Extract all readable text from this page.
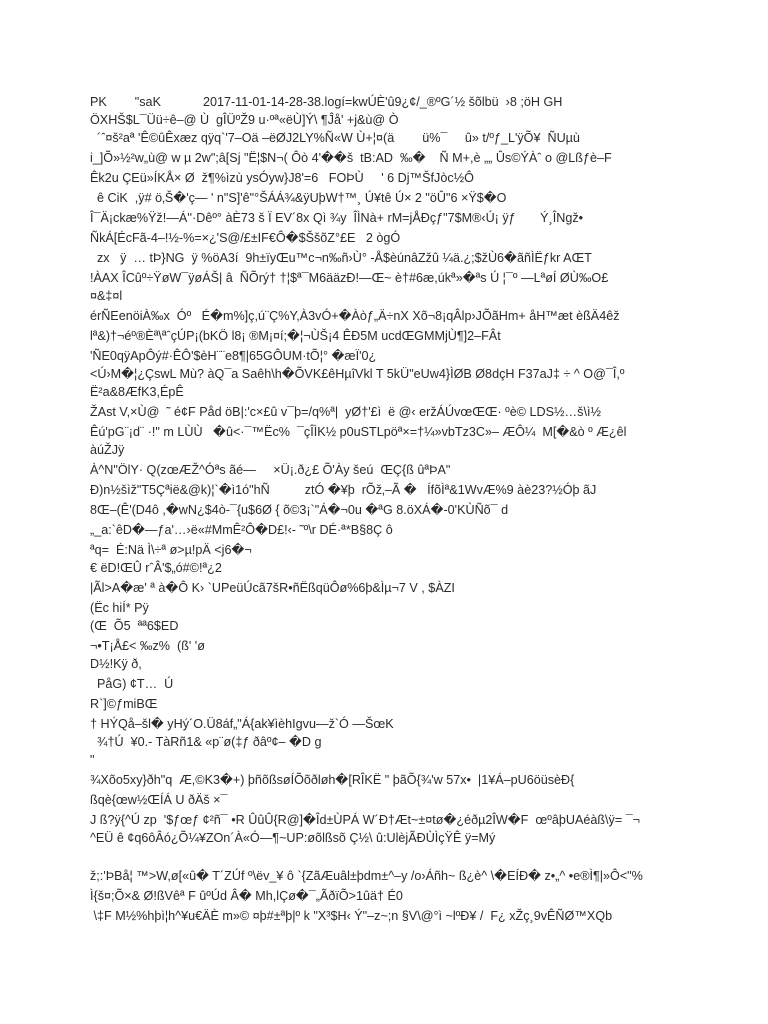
PK        "saK            2017-11-01-14-28-38.logí=kwÚÈ'û9¿¢/_®ºG´½ šõlbü  ›8 ;öH GH
ÖXHŠ$L¯Üü÷ê–@ Ù  gÎÜºŽ9 u·ºª«ëÙ]Ý\ ¶Ĵå' +j&ù@ Ò
´ˆ¤š²aª 'Ê©ûÊxæz qÿq`'7–Oä –ëØJ2LY%Ñ«W Ù+¦¤(ä        ü%¯     û» t/ºƒ_L'ÿÕ¥  ÑUµù
i_]Õ»½²w„ù@ w µ 2w";â[Sj "Ë¦$N¬( Ôò 4'��š  tB:AD  ‰�    Ñ M+,è „„ Ûs©ÝÀˆ o @Lßƒè–F
Êk2u ÇEü»ÍKÅ× Ø  ž¶%ìzù ysÓyw}J8'=6   FOÞÙ     ' 6 Dj™ŠfJòc½Ô
ê CiK  ,ÿ# ö‚Š�'ç— ' n"S]'ê"°ŠÁÁ¾&ÿUþW†™¸ Ú¥tê Ú× 2 "öÛ"6 ×Ÿ$�O
Î¯Ä¡ckæ%Ÿž!—Á''·Dêº° àÈ73 š Ï EV´8x Qì ¾y  ÎÌNà+ rM=jÅÐçƒ"7$M®‹Ú¡ ÿƒ       Ý¸ÎNgž•
ÑkÁ[ÉcFã-4–!½-%=×¿'S@/£±IF€Ô�$ŠšõZ°£E   2 ògÓ
zx   ÿ  … tÞ}NG  ÿ %öA3í  9h±ïyŒu™c¬n‰ñ›Ù° -Å$èúnâZžû ¼ä.¿;$žÙ6�ãñÌËƒkr AŒT
!ÀAX ÎCûº÷ŸøW¯ÿøÁŠ| â  ÑÕrý† †¦$ª¯M6ääzÐ!—Œ~ è†#6æ,úkª»�ªs Ú ¦¯º —LªøÍ ØÙ‰O£
¤&‡¤l
érÑEenöiÀ‰x  Óº   É�m%]ç,ú¨Ç%Y,À3vÓ+�Àòƒ„Ä÷nX Xõ¬8¡qÂlp›JÕãHm+ åH™æt èßÄ4êž
lª&)†¬éº®Èª\ªˆçÚP¡(bKÖ l8¡ ®M¡¤í;�¦¬ÙŠ¡4 ÊÐ5M ucdŒGMMjÙ¶]2–FÂt
'ÑE0qÿApÔý#·ÊÔ'$èH¨¨e8¶|65GÔUM·tÕ¦° �æÏ'0¿
<Ú›M�¦¿ÇswL Mù? àQ¯a Saêh\h�ÕVK£êHµîVkl T 5kÜ"eUw4}ÌØB Ø8dçH F37aJ‡ ÷ ^ O@¯Î,º
Ë²a&8ÆfK3,ÉpÊ
ŽAst V,×Ù@  ˜ é¢F Påd öB|:'c×£û v¯þ=/q%ª|  yØ†'£ì  ë @‹ eržÁÚvœŒŒ· ºè© LDS½…š\ì½
Êú'pG¨¡d¨ ·!" m LÙÙ   �û<·¯™Ëc%  ¯çÎÌK½ p0uSTLpöª×=†¼»vbTz3C»– ÆÔ¼  M[�&ò º Æ¿êl
àúŽJÿ
À^N"ÖlY· Q(zœÆŽ^Óªs ãé—     ×Ü¡.ð¿£ Õ'Ày šeú  ŒÇ{ß ûªÞA"
Ð)n½šìž"T5Çªië&@k)¦`�ì1ó"hÑ          ztÓ �¥þ  rÕž‚–Ã �   ÍfõÌª&1WvÆ%9 àè23?½Óþ ãJ
8Œ–(Ê'(D4ô ,�wN¿$4ò-¯{u$6Ø { õ©3¡`"Á�¬0u �ªG 8.öXÁ�-0'KÙÑõ¯ d
„_a:`êD�—ƒa'…›ë«#MmÊ²Ô�D£!‹- ˜º\r DÉ·ª*B§8Ç ô
ªq=  É:Nä Ì\÷ª ø>µ!pÄ <j6�¬
€ ëD!ŒÛ rˆÂ'$„ó#©!ª¿2
|Ãl>A�æ' ª à�Ô K› `UPeüÚcã7šR•ñËßqüÔø%6þ&Ìµ¬7 V , $ÀZI
(Ëc hiÍ* Pÿ
(Œ  Õ5  ªª6$ED
¬•T¡Å£< ‰z%  (ß' 'ø
D½!Kÿ ð,
PåG) ¢T…  Ú
R`]©ƒmiBŒ
† HÝQå–šl� yHý´O.Ü8áf„"Á{ak¥ìèhIgvu—ž`Ó —ŠœK
¾†Ú  ¥0.- TàRñ1& «p¨ø(‡ƒ ðâº¢– �D g
"
¾Xõo5xy}ðh"q  Æ,©K3�+) þñõßsøÍÕõðløh�[RÎKË " þãÕ{¾'w 57x•  |1¥Á–pU6öüsèÐ{
ßqè{œw½ŒÍÁ U ðÄš ×¯
J ß?ÿ{^Ú zp  '$ƒœƒ ¢²ñ¯ •R ÛûÛ{R@]�Îd±ÙPÁ W´Ð†Æt~±¤tø�¿éðµ2ÎW�F  œºâþUAéàß\ÿ= ¯¬
^EÜ ê ¢q6ôÂó¿Õ¼¥ZOn´À«Ó—¶~UP:øõlßsõ Ç½\ û:UlèjÃÐÙÌçŸÊ ÿ=Mý
ž;:'ÞBå¦ ™>W,ø[«û� T´ZÚf º\ëv_¥ ô `{ZãÆuâl±þdm±^–y /o›Áñh~ ß¿è^ \�EÍÐ� z•„^ •e®Ì¶|»Ô<"%
Ì{š¤;Õ×& Ø!ßVêª F ûºÚd Â� Mh,lÇø�¯„ÃðïÕ>1ûä† É0
\‡F M½%hþì¦h^¥u€ÄÈ m»© ¤þ#±ªþ|º k "X³$H‹ Ý"–z~;n §V\@°ì ~lºÐ¥ /  F¿ xŽç¸9vÊÑØ™XQb
